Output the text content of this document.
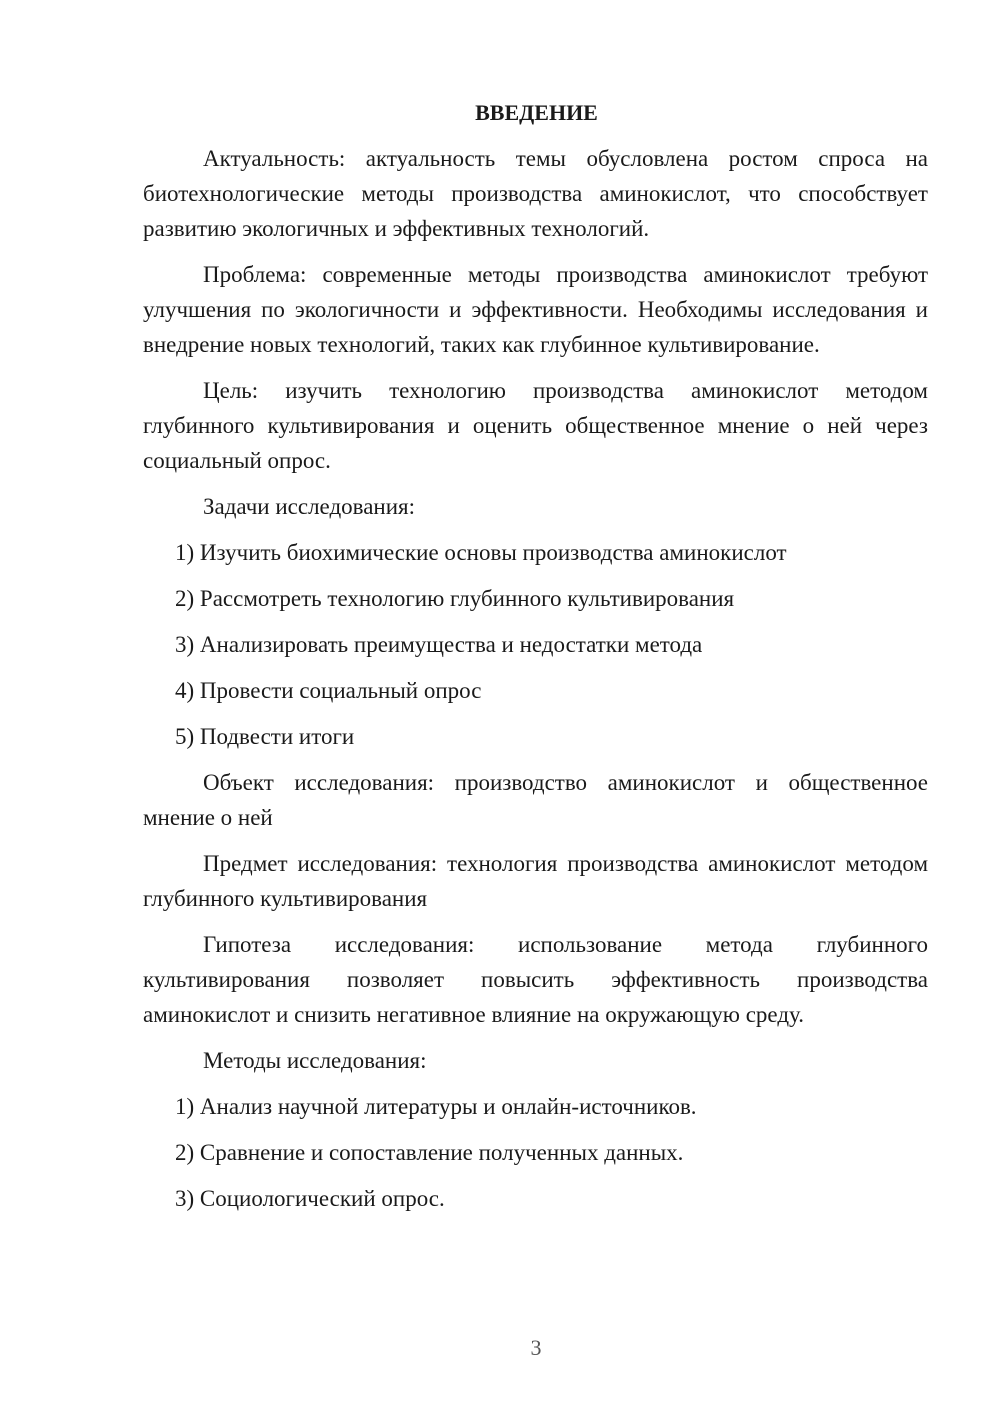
ВВЕДЕНИЕ

Актуальность: актуальность темы обусловлена ростом спроса на биотехнологические методы производства аминокислот, что способствует развитию экологичных и эффективных технологий.

Проблема: современные методы производства аминокислот требуют улучшения по экологичности и эффективности. Необходимы исследования и внедрение новых технологий, таких как глубинное культивирование.

Цель: изучить технологию производства аминокислот методом глубинного культивирования и оценить общественное мнение о ней через социальный опрос.

Задачи исследования:

1) Изучить биохимические основы производства аминокислот

2) Рассмотреть технологию глубинного культивирования

3) Анализировать преимущества и недостатки метода

4) Провести социальный опрос

5) Подвести итоги

Объект исследования: производство аминокислот и общественное мнение о ней

Предмет исследования: технология производства аминокислот методом глубинного культивирования

Гипотеза исследования: использование метода глубинного культивирования позволяет повысить эффективность производства аминокислот и снизить негативное влияние на окружающую среду.

Методы исследования:

1) Анализ научной литературы и онлайн-источников.

2) Сравнение и сопоставление полученных данных.

3) Социологический опрос.

3
